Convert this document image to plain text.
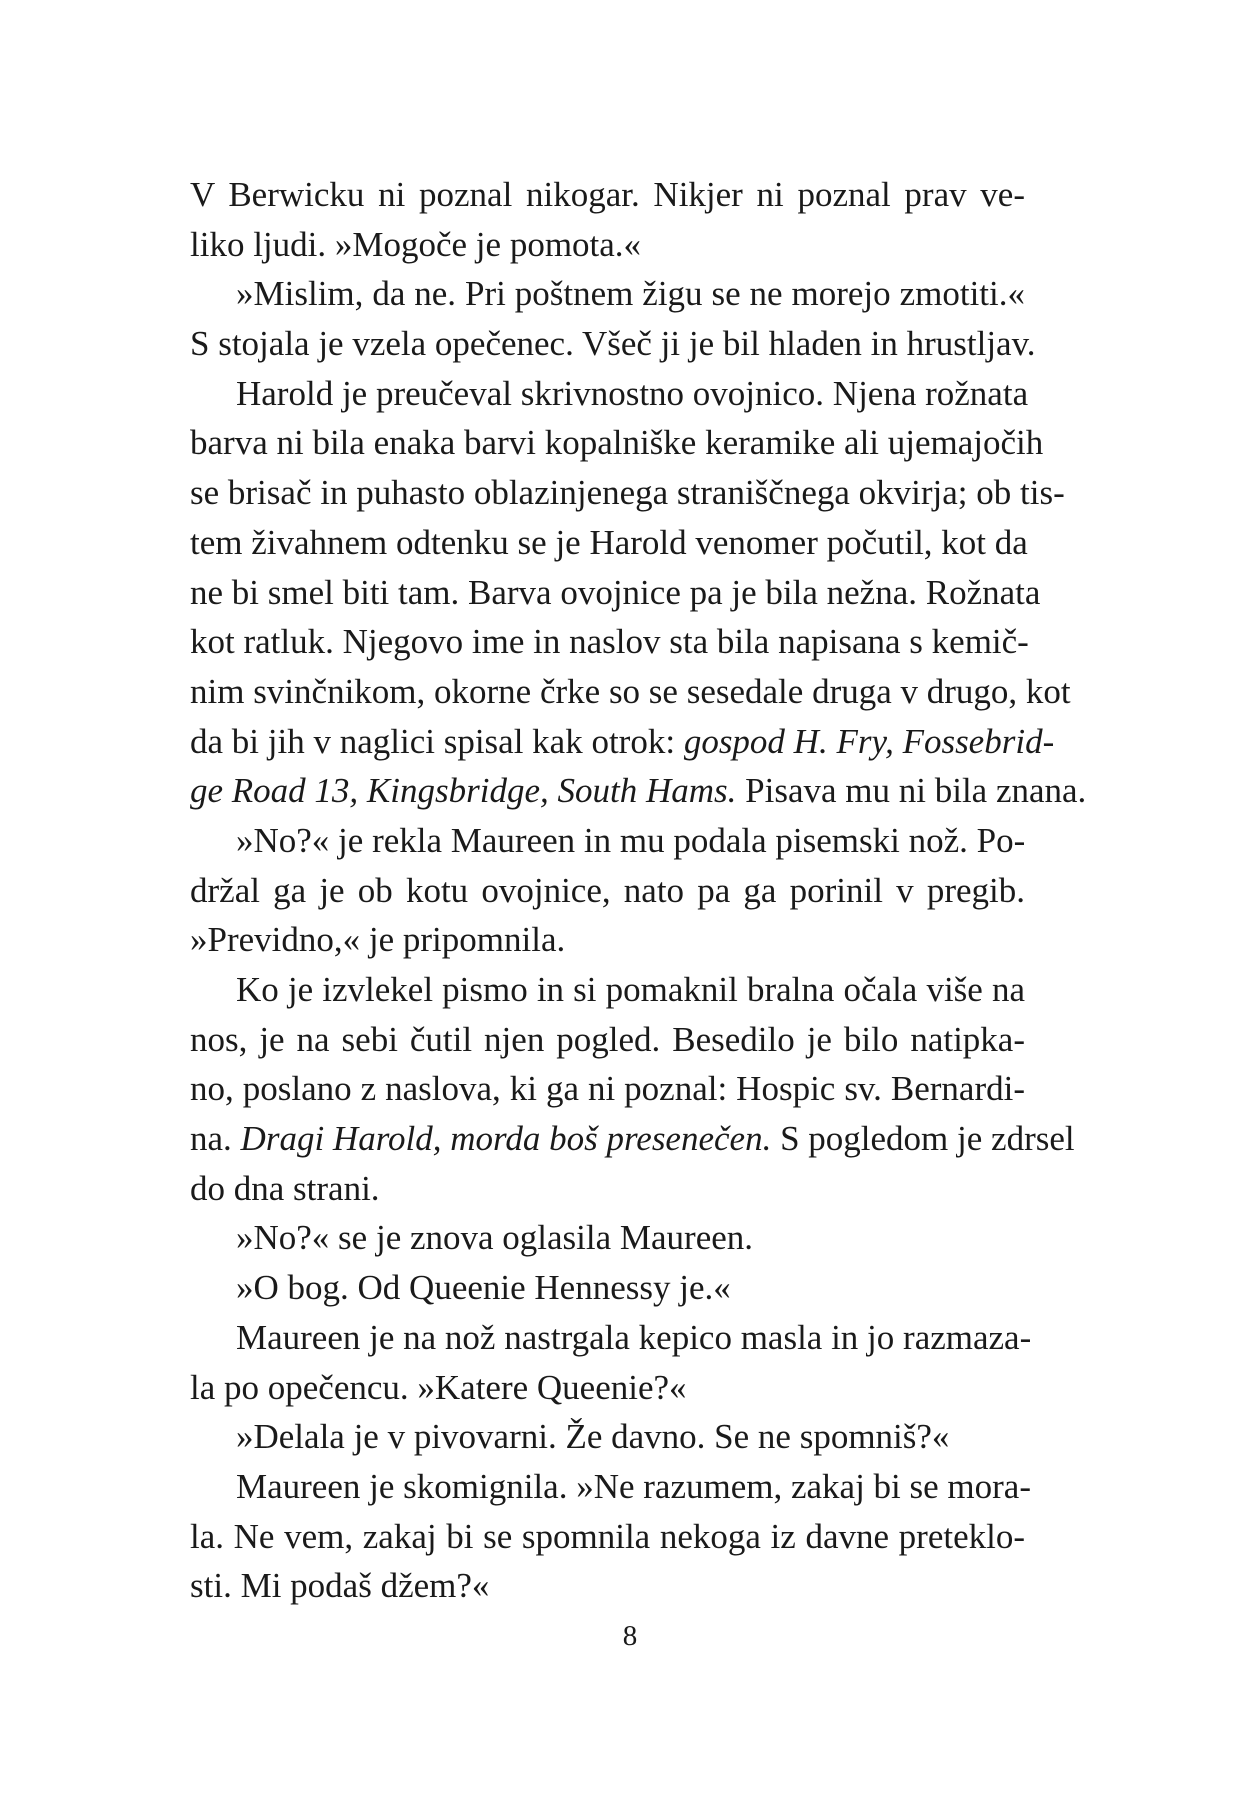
V Berwicku ni poznal nikogar. Nikjer ni poznal prav ve-
liko ljudi. »Mogoče je pomota.«
»Mislim, da ne. Pri poštnem žigu se ne morejo zmotiti.«
S stojala je vzela opečenec. Všeč ji je bil hladen in hrustljav.
Harold je preučeval skrivnostno ovojnico. Njena rožnata
barva ni bila enaka barvi kopalniške keramike ali ujemajočih
se brisač in puhasto oblazinjenega straniščnega okvirja; ob tis-
tem živahnem odtenku se je Harold venomer počutil, kot da
ne bi smel biti tam. Barva ovojnice pa je bila nežna. Rožnata
kot ratluk. Njegovo ime in naslov sta bila napisana s kemič-
nim svinčnikom, okorne črke so se sesedale druga v drugo, kot
da bi jih v naglici spisal kak otrok: gospod H. Fry, Fossebrid-
ge Road 13, Kingsbridge, South Hams. Pisava mu ni bila znana.
»No?« je rekla Maureen in mu podala pisemski nož. Po-
držal ga je ob kotu ovojnice, nato pa ga porinil v pregib.
»Previdno,« je pripomnila.
Ko je izvlekel pismo in si pomaknil bralna očala više na
nos, je na sebi čutil njen pogled. Besedilo je bilo natipka-
no, poslano z naslova, ki ga ni poznal: Hospic sv. Bernardi-
na. Dragi Harold, morda boš presenečen. S pogledom je zdrsel
do dna strani.
»No?« se je znova oglasila Maureen.
»O bog. Od Queenie Hennessy je.«
Maureen je na nož nastrgala kepico masla in jo razmaza-
la po opečencu. »Katere Queenie?«
»Delala je v pivovarni. Že davno. Se ne spomniš?«
Maureen je skomignila. »Ne razumem, zakaj bi se mora-
la. Ne vem, zakaj bi se spomnila nekoga iz davne preteklo-
sti. Mi podaš džem?«
8
